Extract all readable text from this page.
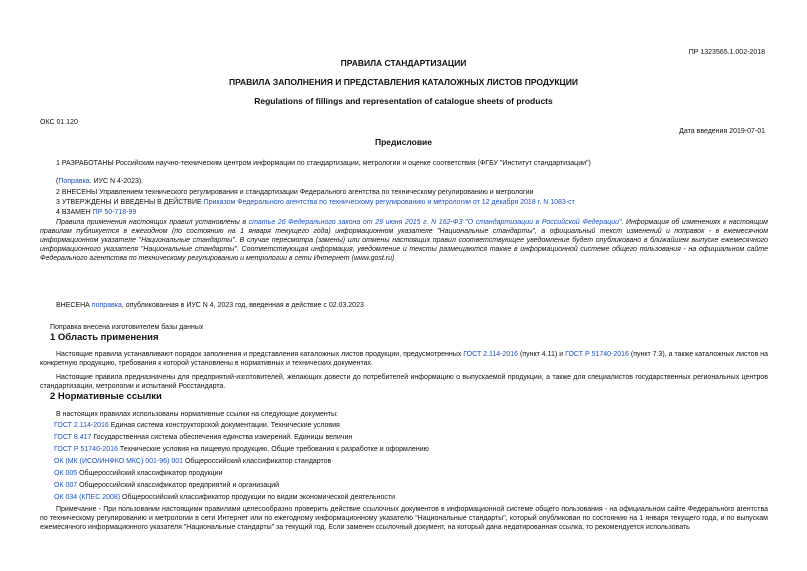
ПР 1323565.1.002-2018
ПРАВИЛА СТАНДАРТИЗАЦИИ
ПРАВИЛА ЗАПОЛНЕНИЯ И ПРЕДСТАВЛЕНИЯ КАТАЛОЖНЫХ ЛИСТОВ ПРОДУКЦИИ
Regulations of fillings and representation of catalogue sheets of products
ОКС 01.120
Дата введения 2019-07-01
Предисловие
1 РАЗРАБОТАНЫ Российским научно-техническим центром информации по стандартизации, метрологии и оценке соответствия (ФГБУ "Институт стандартизации")
(Поправка. ИУС N 4-2023).
2 ВНЕСЕНЫ Управлением технического регулирования и стандартизации Федерального агентства по техническому регулированию и метрологии
3 УТВЕРЖДЕНЫ И ВВЕДЕНЫ В ДЕЙСТВИЕ Приказом Федерального агентства по техническому регулированию и метрологии от 12 декабря 2018 г. N 1083-ст
4 ВЗАМЕН ПР 50-718-99
Правила применения настоящих правил установлены в статье 26 Федерального закона от 29 июня 2015 г. N 162-ФЗ "О стандартизации в Российской Федерации". Информация об изменениях к настоящим правилам публикуется в ежегодном (по состоянию на 1 января текущего года) информационном указателе "Национальные стандарты", а официальный текст изменений и поправок - в ежемесячном информационном указателе "Национальные стандарты". В случае пересмотра (замены) или отмены настоящих правил соответствующее уведомление будет опубликовано в ближайшем выпуске ежемесячного информационного указателя "Национальные стандарты". Соответствующая информация, уведомление и тексты размещаются также в информационной системе общего пользования - на официальном сайте Федерального агентства по техническому регулированию и метрологии в сети Интернет (www.gost.ru)
ВНЕСЕНА поправка, опубликованная в ИУС N 4, 2023 год, введенная в действие с 02.03.2023
Поправка внесена изготовителем базы данных
1 Область применения
Настоящие правила устанавливают порядок заполнения и представления каталожных листов продукции, предусмотренных ГОСТ 2.114-2016 (пункт 4.11) и ГОСТ Р 51740-2016 (пункт 7.3), а также каталожных листов на конкретную продукцию, требования к которой установлены в нормативных и технических документах.
Настоящие правила предназначены для предприятий-изготовителей, желающих довести до потребителей информацию о выпускаемой продукции, а также для специалистов государственных региональных центров стандартизации, метрологии и испытаний Росстандарта.
2 Нормативные ссылки
В настоящих правилах использованы нормативные ссылки на следующие документы:
ГОСТ 2.114-2016 Единая система конструкторской документации. Технические условия
ГОСТ 8.417 Государственная система обеспечения единства измерений. Единицы величин
ГОСТ Р 51740-2016 Технические условия на пищевую продукцию. Общие требования к разработке и оформлению
ОК (МК (ИСО/ИНФКО МКС) 001-96) 001 Общероссийский классификатор стандартов
ОК 005 Общероссийский классификатор продукции
ОК 007 Общероссийский классификатор предприятий и организаций
ОК 034 (КПЕС 2008) Общероссийский классификатор продукции по видам экономической деятельности
Примечание - При пользовании настоящими правилами целесообразно проверить действие ссылочных документов в информационной системе общего пользования - на официальном сайте Федерального агентства по техническому регулированию и метрологии в сети Интернет или по ежегодному информационному указателю "Национальные стандарты", который опубликован по состоянию на 1 января текущего года, и по выпускам ежемесячного информационного указателя "Национальные стандарты" за текущий год. Если заменен ссылочный документ, на который дана недатированная ссылка, то рекомендуется использовать
